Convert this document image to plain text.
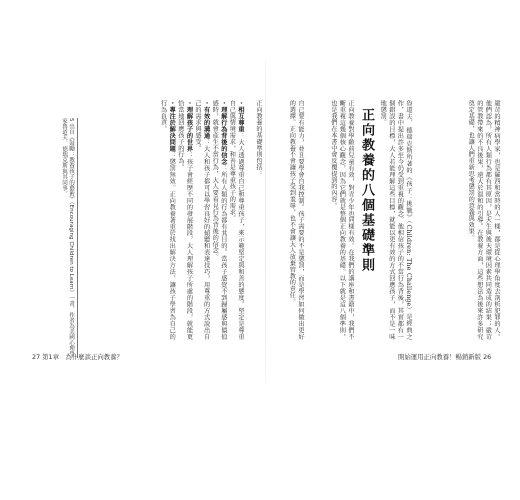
嚴苛的精神病學家，也是羅西和當時的人一樣，都是從心理學角度去剖析犯罪的人。他們認為，所有人類行為都有其原因，是天生與後天環境因素共同造成的結果；嚴苛的管教帶來的不良後果，遠大於溫和的引導。在教養方面，這些想法為後來許多研究奠定基礎，也讓人們重新思考懲罰的意義與效果。

魯道夫．德瑞克斯所著的《孩子：挑戰》（Children: The Challenge）是經典之作，書中提出許多至今仍受到重視的觀念。他相信孩子的不當行為背後，其實都有一個錯誤的目標，大人若能理解這些目標，就能以更有效的方式回應孩子，而不是一味地懲罰。

正向教養的八個基礎準則

正向教養對學齡前兒童有效，對青少年也同樣有效。在我們的講座和書籍中，我們不斷重複這幾個核心觀念，因為它們就是整個正向教養的基礎。以下就是這八個準則，也是我們在本書中會反覆提到的內容。

自己要有能力，並且要學會自我控制。孩子需要的不是懲罰，而是學習如何做出更好的選擇。正向教養不會讓孩子受到羞辱，也不會讓大人放棄管教的責任。

正向教養的基礎準則包括：

・相互尊重：大人透過尊重自己和尊重孩子，來示範堅定與和善的態度。堅定是尊重自己與情境需求，和善是尊重孩子的需求。

・理解行為背後的信念：所有人類的行為都有其目的。當孩子感覺不到歸屬感與價值感時，就會產生不當行為，大人要看見行為背後的信念。

・有效的溝通：大人和孩子都可以學習良好的傾聽和表達技巧，用尊重的方式說出自己的需求與感受。

・理解孩子的世界：孩子會經歷不同的發展階段，大人理解孩子所處的階段，就能更恰當地回應孩子的行為。

・專注於解決問題：懲罰無效。正向教養著重於找出解決方法，讓孩子學習為自己的行為負責。

5 出自《鼓勵：教養孩子的藝術》（Encouraging Children to Learn）一書，作者為美國心理學家魯道夫．德瑞克斯與其同事。
27 第1章　為什麼談正向教養？	開始運用正向教養！暢銷新版 26
